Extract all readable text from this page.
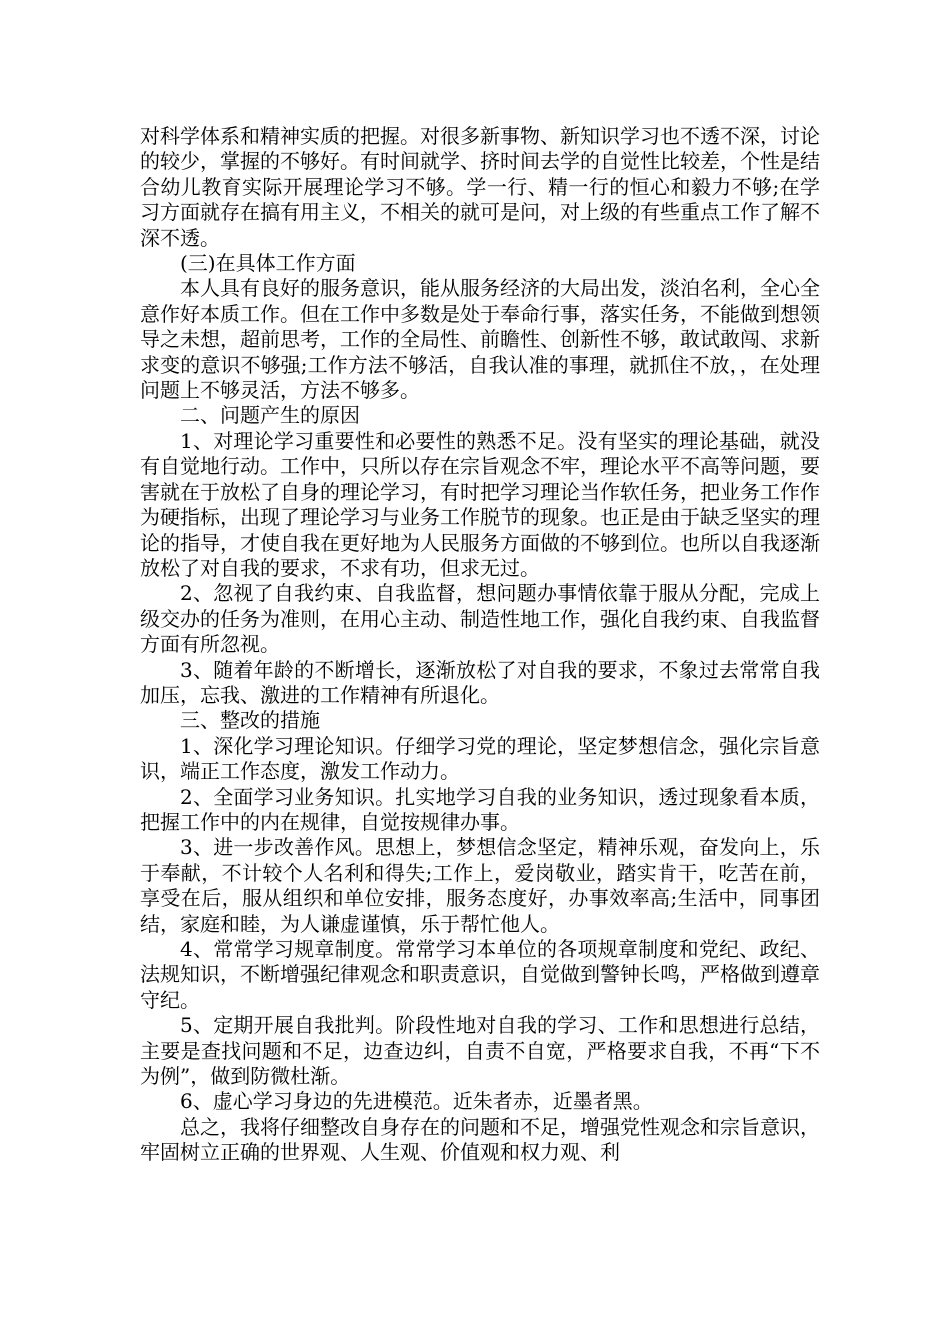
对科学体系和精神实质的把握。对很多新事物、新知识学习也不透不深，讨论的较少，掌握的不够好。有时间就学、挤时间去学的自觉性比较差，个性是结合幼儿教育实际开展理论学习不够。学一行、精一行的恒心和毅力不够;在学习方面就存在搞有用主义，不相关的就可是问，对上级的有些重点工作了解不深不透。

(三)在具体工作方面

本人具有良好的服务意识，能从服务经济的大局出发，淡泊名利，全心全意作好本质工作。但在工作中多数是处于奉命行事，落实任务，不能做到想领导之未想，超前思考，工作的全局性、前瞻性、创新性不够，敢试敢闯、求新求变的意识不够强;工作方法不够活，自我认准的事理，就抓住不放，，在处理问题上不够灵活，方法不够多。

二、问题产生的原因

1、对理论学习重要性和必要性的熟悉不足。没有坚实的理论基础，就没有自觉地行动。工作中，只所以存在宗旨观念不牢，理论水平不高等问题，要害就在于放松了自身的理论学习，有时把学习理论当作软任务，把业务工作作为硬指标，出现了理论学习与业务工作脱节的现象。也正是由于缺乏坚实的理论的指导，才使自我在更好地为人民服务方面做的不够到位。也所以自我逐渐放松了对自我的要求，不求有功，但求无过。

2、忽视了自我约束、自我监督，想问题办事情依靠于服从分配，完成上级交办的任务为准则，在用心主动、制造性地工作，强化自我约束、自我监督方面有所忽视。

3、随着年龄的不断增长，逐渐放松了对自我的要求，不象过去常常自我加压，忘我、激进的工作精神有所退化。

三、整改的措施

1、深化学习理论知识。仔细学习党的理论，坚定梦想信念，强化宗旨意识，端正工作态度，激发工作动力。

2、全面学习业务知识。扎实地学习自我的业务知识，透过现象看本质，把握工作中的内在规律，自觉按规律办事。

3、进一步改善作风。思想上，梦想信念坚定，精神乐观，奋发向上，乐于奉献，不计较个人名利和得失;工作上，爱岗敬业，踏实肯干，吃苦在前，享受在后，服从组织和单位安排，服务态度好，办事效率高;生活中，同事团结，家庭和睦，为人谦虚谨慎，乐于帮忙他人。

4、常常学习规章制度。常常学习本单位的各项规章制度和党纪、政纪、法规知识，不断增强纪律观念和职责意识，自觉做到警钟长鸣，严格做到遵章守纪。

5、定期开展自我批判。阶段性地对自我的学习、工作和思想进行总结，主要是查找问题和不足，边查边纠，自责不自宽，严格要求自我，不再“下不为例”，做到防微杜渐。

6、虚心学习身边的先进模范。近朱者赤，近墨者黑。

总之，我将仔细整改自身存在的问题和不足，增强党性观念和宗旨意识，牢固树立正确的世界观、人生观、价值观和权力观、利
